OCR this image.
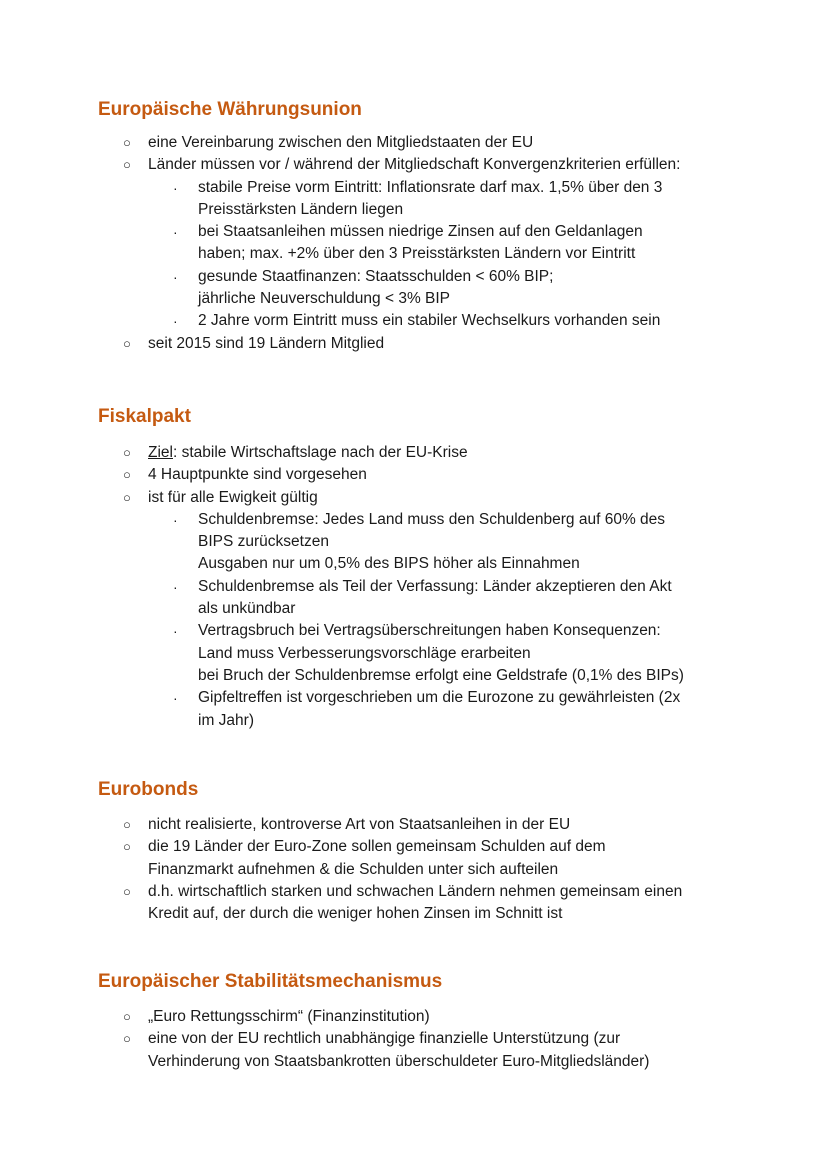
Europäische Währungsunion
○ eine Vereinbarung zwischen den Mitgliedstaaten der EU
○ Länder müssen vor / während der Mitgliedschaft Konvergenzkriterien erfüllen:
· stabile Preise vorm Eintritt: Inflationsrate darf max. 1,5% über den 3
Preisstärksten Ländern liegen
· bei Staatsanleihen müssen niedrige Zinsen auf den Geldanlagen
haben; max. +2% über den 3 Preisstärksten Ländern vor Eintritt
· gesunde Staatfinanzen: Staatsschulden < 60% BIP;
jährliche Neuverschuldung < 3% BIP
· 2 Jahre vorm Eintritt muss ein stabiler Wechselkurs vorhanden sein
○ seit 2015 sind 19 Ländern Mitglied
Fiskalpakt
○ Ziel: stabile Wirtschaftslage nach der EU-Krise
○ 4 Hauptpunkte sind vorgesehen
○ ist für alle Ewigkeit gültig
· Schuldenbremse: Jedes Land muss den Schuldenberg auf 60% des
BIPS zurücksetzen
Ausgaben nur um 0,5% des BIPS höher als Einnahmen
· Schuldenbremse als Teil der Verfassung: Länder akzeptieren den Akt
als unkündbar
· Vertragsbruch bei Vertragsüberschreitungen haben Konsequenzen:
Land muss Verbesserungsvorschläge erarbeiten
bei Bruch der Schuldenbremse erfolgt eine Geldstrafe (0,1% des BIPs)
· Gipfeltreffen ist vorgeschrieben um die Eurozone zu gewährleisten (2x
im Jahr)
Eurobonds
○ nicht realisierte, kontroverse Art von Staatsanleihen in der EU
○ die 19 Länder der Euro-Zone sollen gemeinsam Schulden auf dem
Finanzmarkt aufnehmen & die Schulden unter sich aufteilen
○ d.h. wirtschaftlich starken und schwachen Ländern nehmen gemeinsam einen
Kredit auf, der durch die weniger hohen Zinsen im Schnitt ist
Europäischer Stabilitätsmechanismus
○ „Euro Rettungsschirm“ (Finanzinstitution)
○ eine von der EU rechtlich unabhängige finanzielle Unterstützung (zur
Verhinderung von Staatsbankrotten überschuldeter Euro-Mitgliedsländer)
